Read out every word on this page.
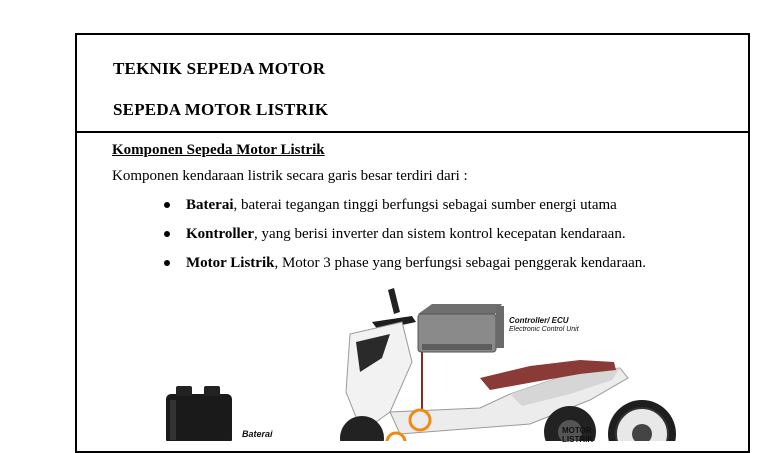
TEKNIK SEPEDA MOTOR
SEPEDA MOTOR LISTRIK
Komponen Sepeda Motor Listrik
Komponen kendaraan listrik secara garis besar terdiri dari :
Baterai, baterai tegangan tinggi berfungsi sebagai sumber energi utama
Kontroller, yang berisi inverter dan sistem kontrol kecepatan kendaraan.
Motor Listrik, Motor 3 phase yang berfungsi sebagai penggerak kendaraan.
Controller/ ECU
Electronic Control Unit
Baterai	MOTOR
LISTRIK
